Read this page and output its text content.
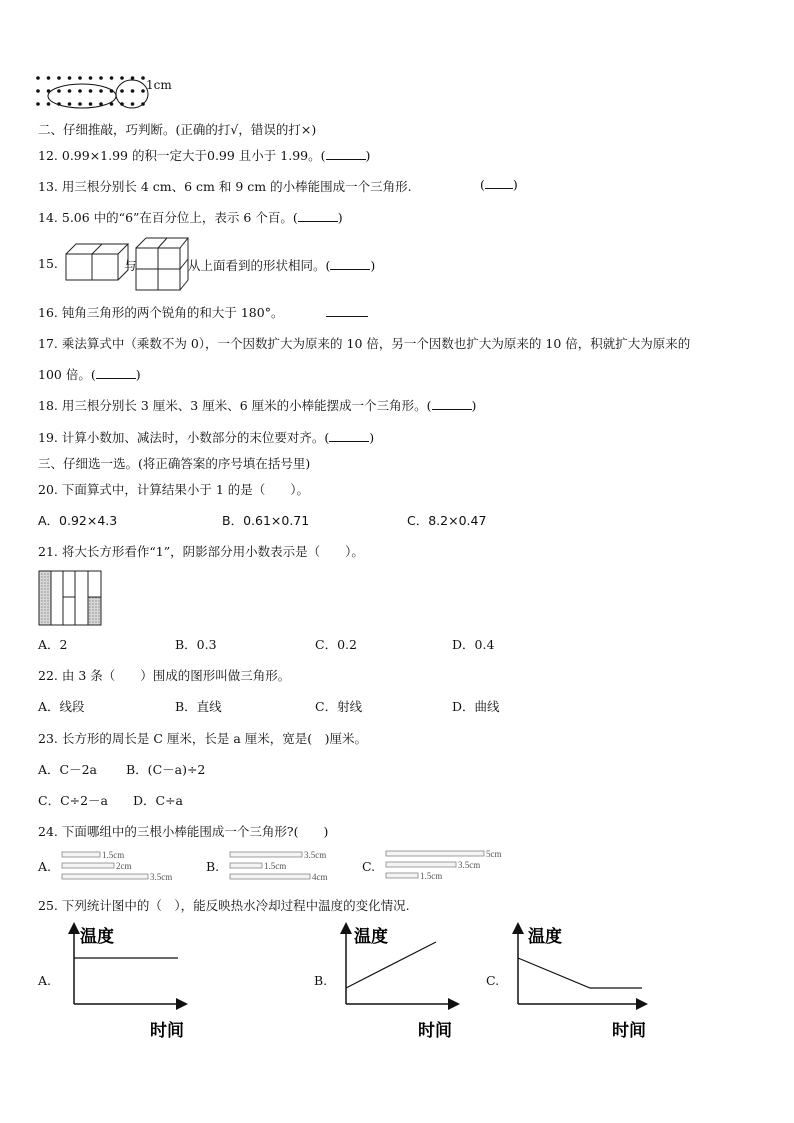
1cm
二、仔细推敲，巧判断。(正确的打√，错误的打×)
12. 0.99×1.99 的积一定大于0.99 且小于 1.99。(	)
13. 用三根分别长 4 cm、6 cm 和 9 cm 的小棒能围成一个三角形.	( )
14. 5.06 中的“6”在百分位上，表示 6 个百。(	)
15.	与	从上面看到的形状相同。(	)
16. 钝角三角形的两个锐角的和大于 180°。
17. 乘法算式中（乘数不为 0），一个因数扩大为原来的 10 倍，另一个因数也扩大为原来的 10 倍，积就扩大为原来的
100 倍。(	)
18. 用三根分别长 3 厘米、3 厘米、6 厘米的小棒能摆成一个三角形。(	)
19. 计算小数加、减法时，小数部分的末位要对齐。(	)
三、仔细选一选。(将正确答案的序号填在括号里)
20. 下面算式中，计算结果小于 1 的是（　　）。
A．0.92×4.3	B．0.61×0.71	C．8.2×0.47
21. 将大长方形看作“1”，阴影部分用小数表示是（　　）。
A．2	B．0.3	C．0.2	D．0.4
22. 由 3 条（　　）围成的图形叫做三角形。
A．线段	B．直线	C．射线	D．曲线
23. 长方形的周长是 C 厘米，长是 a 厘米，宽是(　)厘米。
A．C－2a B．(C－a)÷2
C．C÷2－a D．C÷a
24. 下面哪组中的三根小棒能围成一个三角形?(　　)
A.
1.5cm
2cm
3.5cm
B.
3.5cm
1.5cm
4cm
C.
5cm
3.5cm
1.5cm
25. 下列统计图中的（　），能反映热水冷却过程中温度的变化情况.
A.
温度
时间
B.
温度
时间
C.
温度
时间
